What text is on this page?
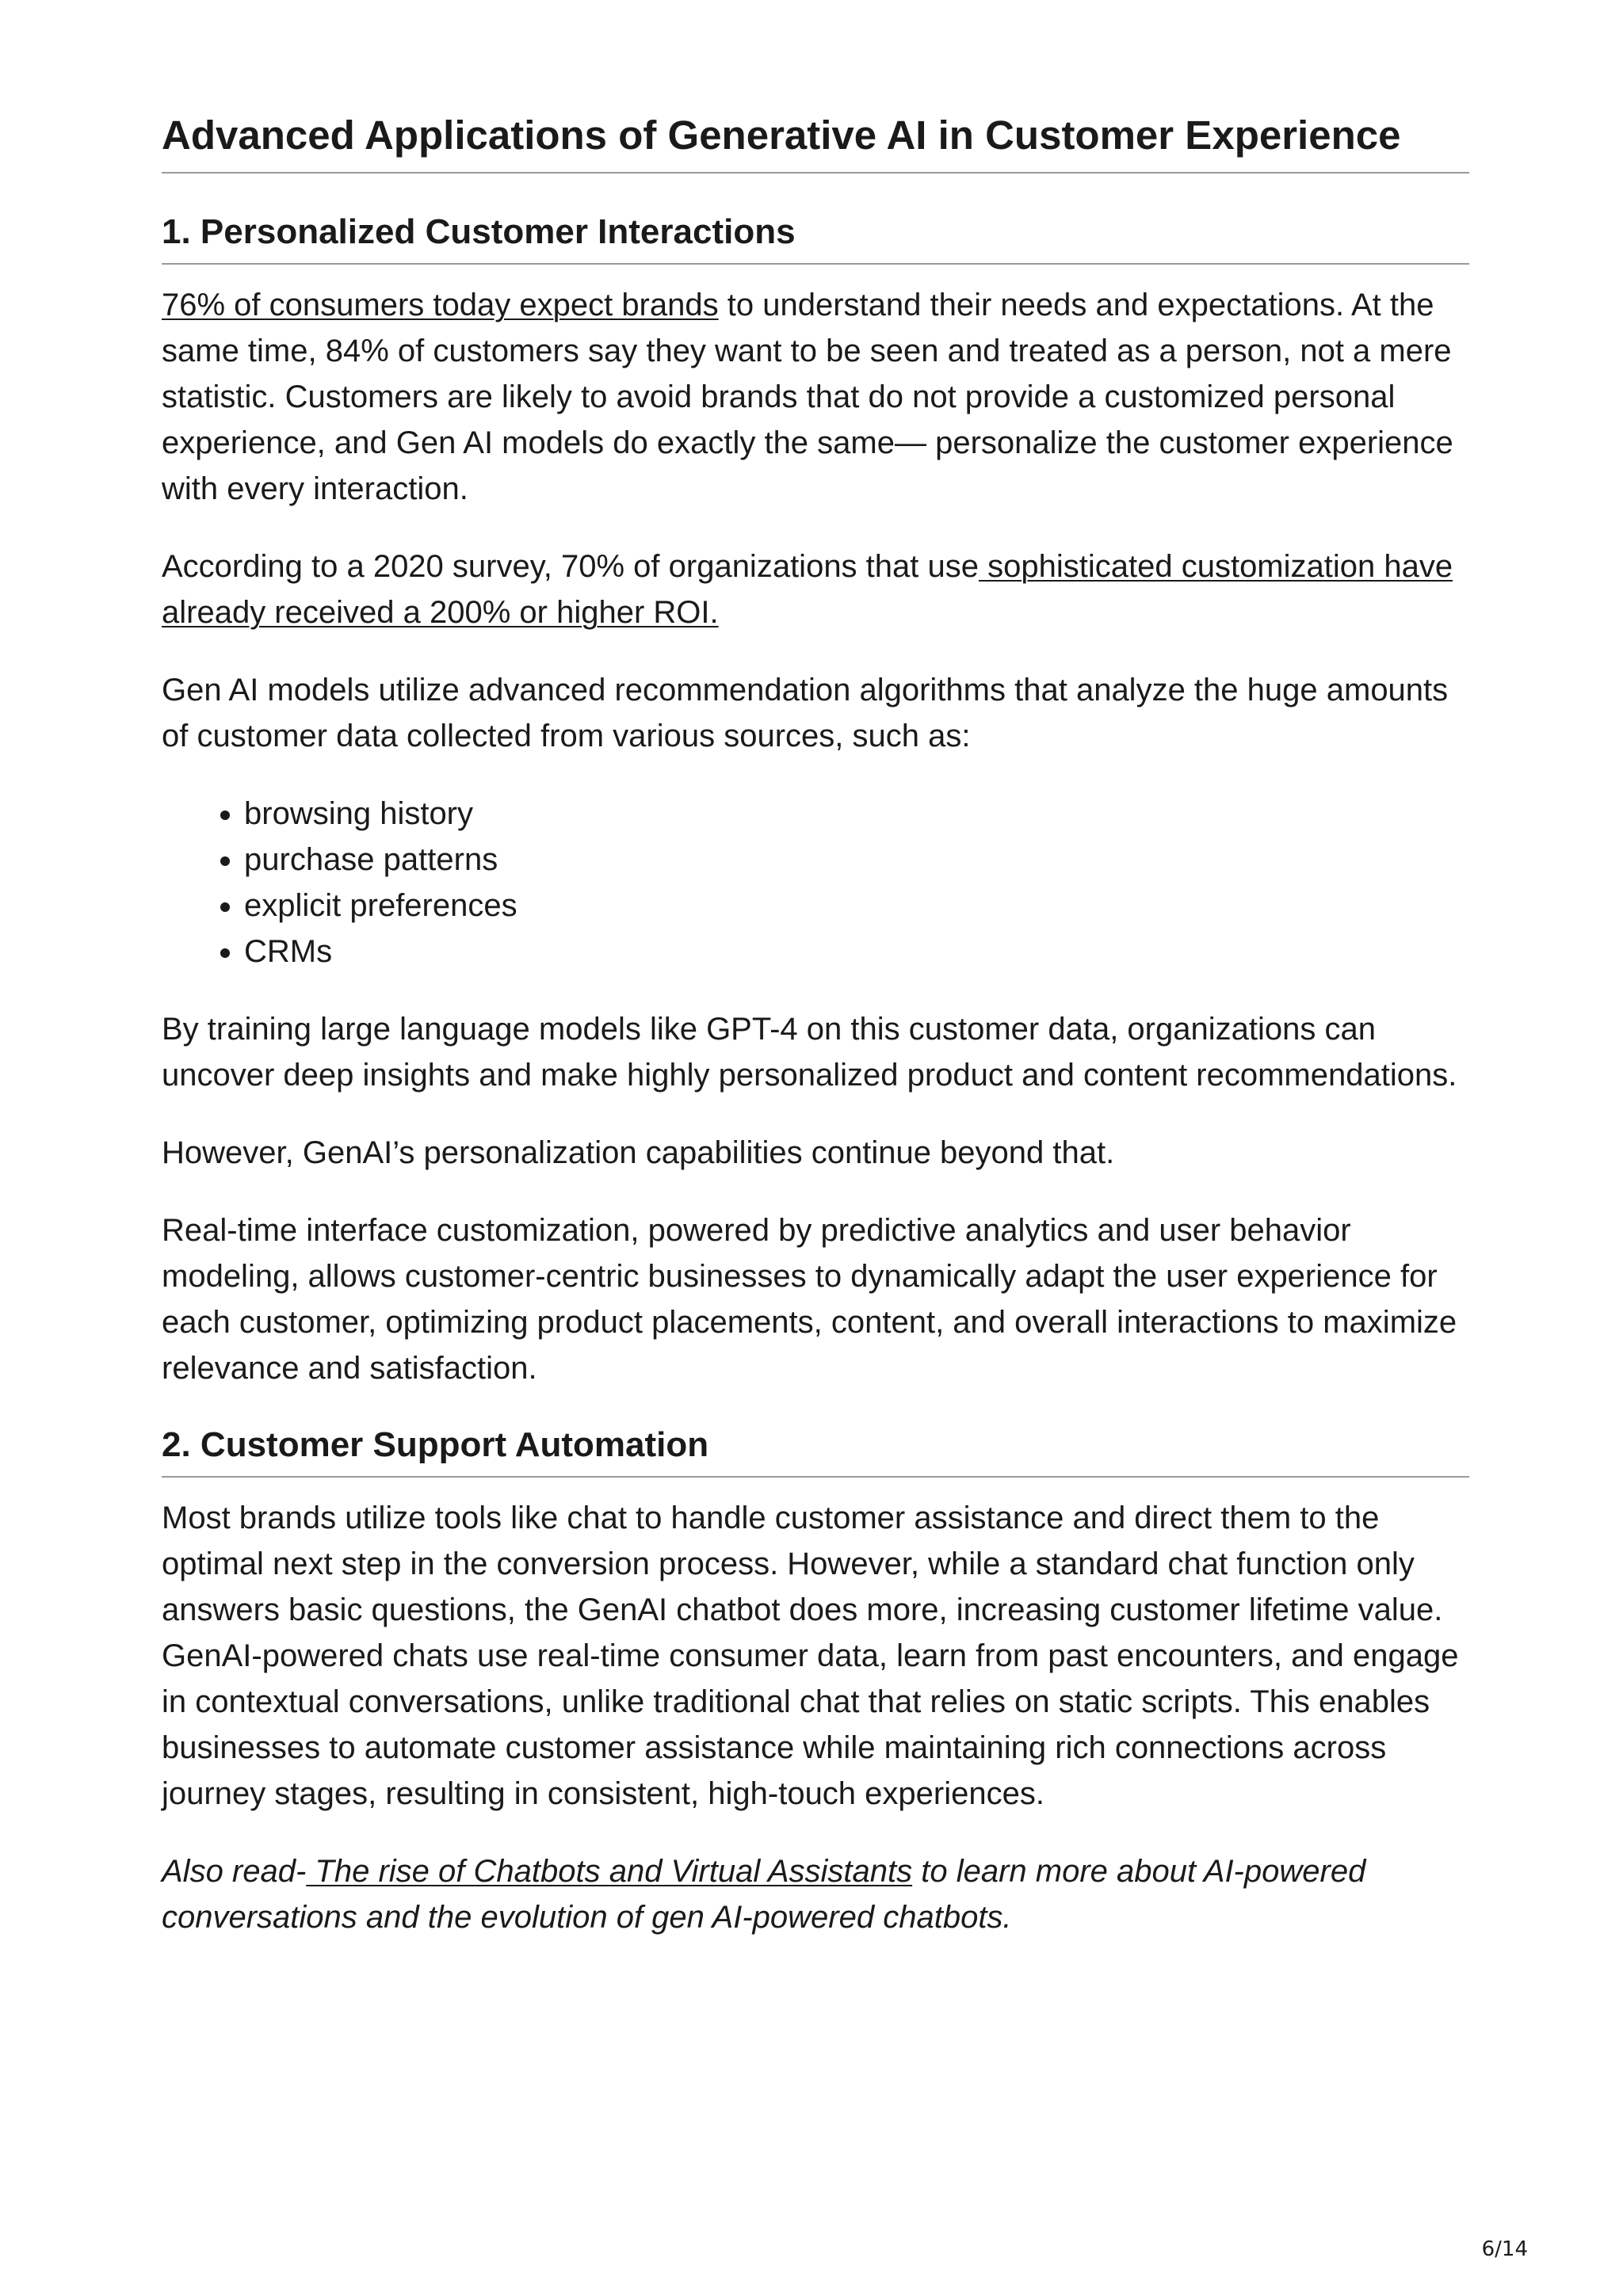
Advanced Applications of Generative AI in Customer Experience
1. Personalized Customer Interactions

76% of consumers today expect brands to understand their needs and expectations. At the same time, 84% of customers say they want to be seen and treated as a person, not a mere statistic. Customers are likely to avoid brands that do not provide a customized personal experience, and Gen AI models do exactly the same— personalize the customer experience with every interaction.

According to a 2020 survey, 70% of organizations that use sophisticated customization have already received a 200% or higher ROI.

Gen AI models utilize advanced recommendation algorithms that analyze the huge amounts of customer data collected from various sources, such as:

• browsing history
• purchase patterns
• explicit preferences
• CRMs

By training large language models like GPT-4 on this customer data, organizations can uncover deep insights and make highly personalized product and content recommendations.

However, GenAI’s personalization capabilities continue beyond that.

Real-time interface customization, powered by predictive analytics and user behavior modeling, allows customer-centric businesses to dynamically adapt the user experience for each customer, optimizing product placements, content, and overall interactions to maximize relevance and satisfaction.

2. Customer Support Automation

Most brands utilize tools like chat to handle customer assistance and direct them to the optimal next step in the conversion process. However, while a standard chat function only answers basic questions, the GenAI chatbot does more, increasing customer lifetime value. GenAI-powered chats use real-time consumer data, learn from past encounters, and engage in contextual conversations, unlike traditional chat that relies on static scripts. This enables businesses to automate customer assistance while maintaining rich connections across journey stages, resulting in consistent, high-touch experiences.

Also read- The rise of Chatbots and Virtual Assistants to learn more about AI-powered conversations and the evolution of gen AI-powered chatbots.

6/14
